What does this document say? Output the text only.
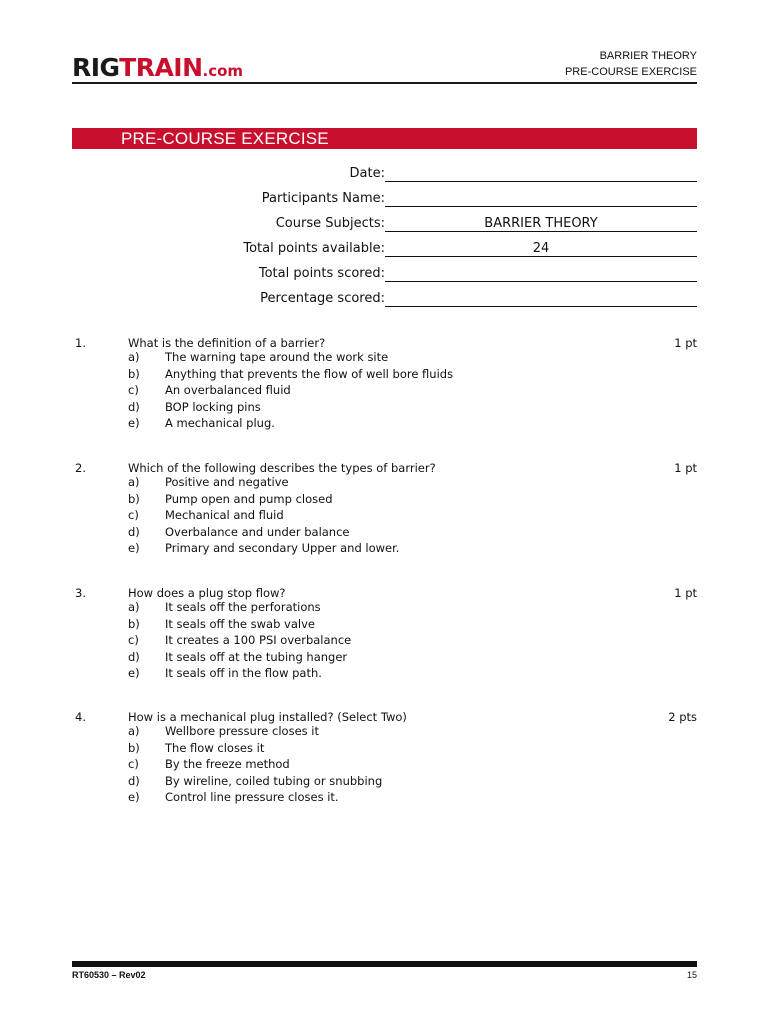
RIGTRAIN.com
BARRIER THEORY
PRE-COURSE EXERCISE
PRE-COURSE EXERCISE
Date:
Participants Name:
Course Subjects:	BARRIER THEORY
Total points available:	24
Total points scored:
Percentage scored:
1.	What is the definition of a barrier?	1 pt
a) The warning tape around the work site
b) Anything that prevents the flow of well bore fluids
c) An overbalanced fluid
d) BOP locking pins
e) A mechanical plug.
2.	Which of the following describes the types of barrier?	1 pt
a) Positive and negative
b) Pump open and pump closed
c) Mechanical and fluid
d) Overbalance and under balance
e) Primary and secondary Upper and lower.
3.	How does a plug stop flow?	1 pt
a) It seals off the perforations
b) It seals off the swab valve
c) It creates a 100 PSI overbalance
d) It seals off at the tubing hanger
e) It seals off in the flow path.
4.	How is a mechanical plug installed? (Select Two)	2 pts
a) Wellbore pressure closes it
b) The flow closes it
c) By the freeze method
d) By wireline, coiled tubing or snubbing
e) Control line pressure closes it.
RT60530 – Rev02	15
